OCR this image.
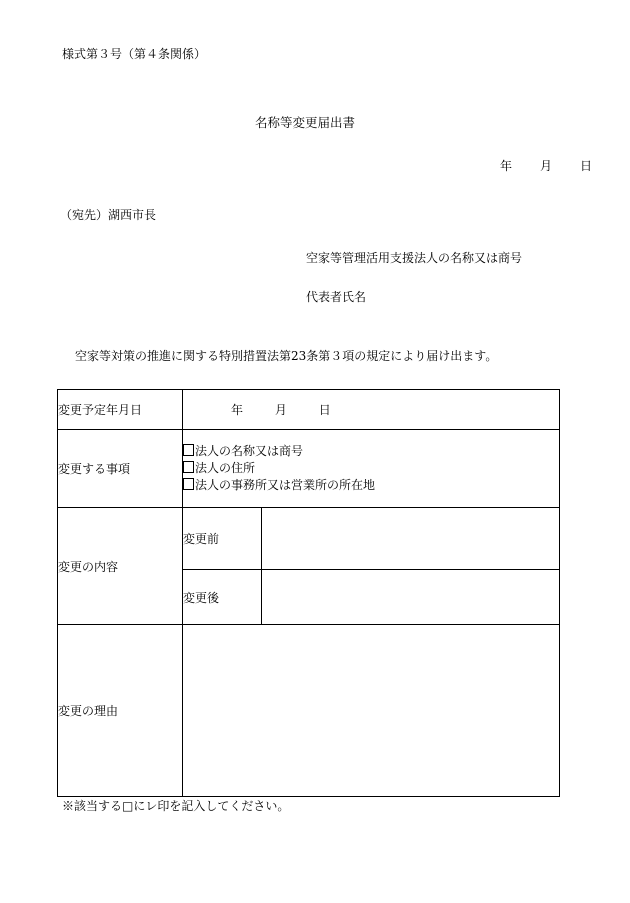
様式第３号（第４条関係）
名称等変更届出書
年 月 日
（宛先）湖西市長
空家等管理活用支援法人の名称又は商号
代表者氏名
空家等対策の推進に関する特別措置法第23条第３項の規定により届け出ます。
変更予定年月日	年 月 日	
変更する事項	法人の名称又は商号
法人の住所
法人の事務所又は営業所の所在地	

変更の内容	変更前	
	変更後	
変更の理由		
※該当する□にレ印を記入してください。
